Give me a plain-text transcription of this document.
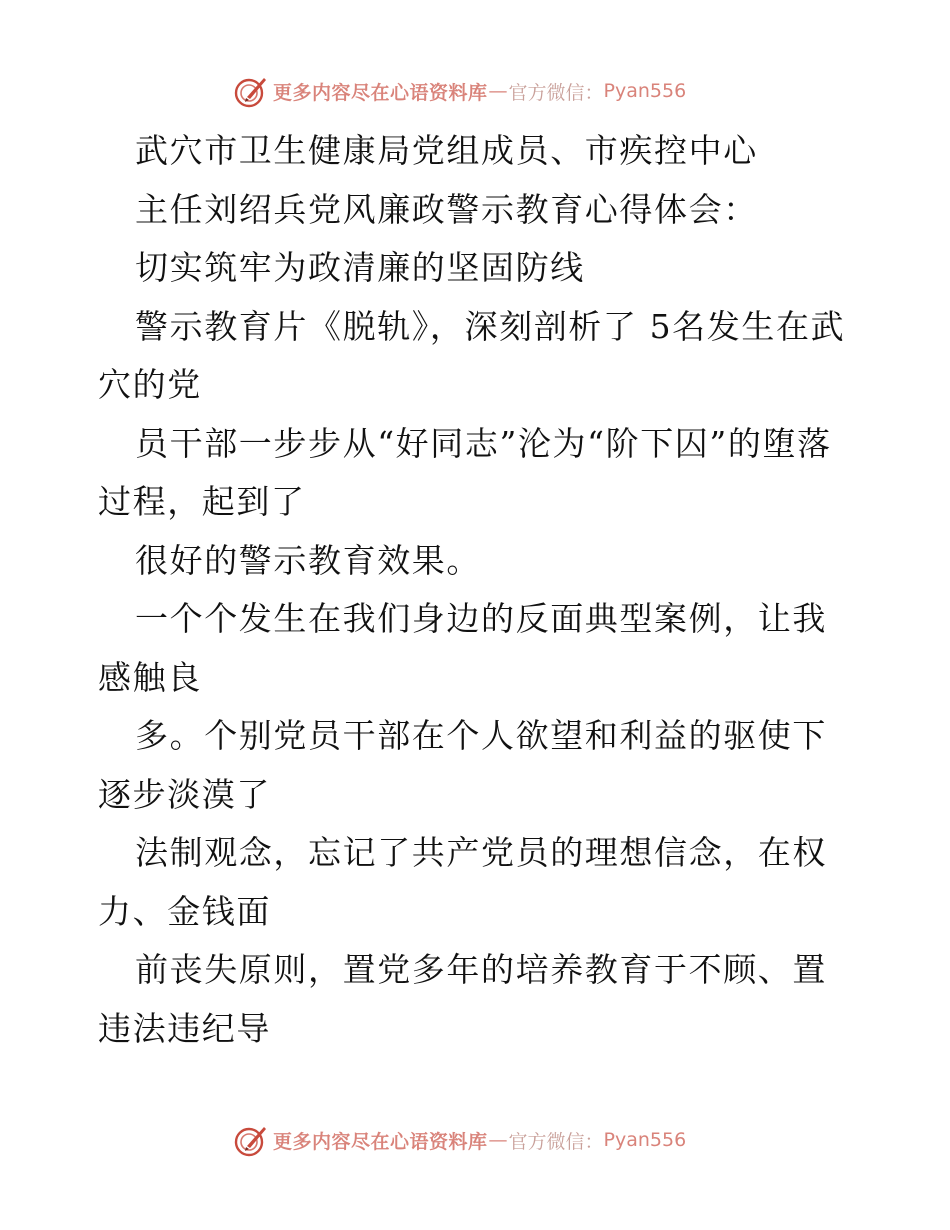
更多内容尽在心语资料库 — 官方微信： Pyan556

武穴市卫生健康局党组成员、市疾控中心

主任刘绍兵党风廉政警示教育心得体会：

切实筑牢为政清廉的坚固防线

警示教育片《脱轨》，深刻剖析了 5名发生在武穴的党

员干部一步步从“好同志”沦为“阶下囚”的堕落过程，起到了

很好的警示教育效果。

一个个发生在我们身边的反面典型案例，让我感触良

多。个别党员干部在个人欲望和利益的驱使下逐步淡漠了

法制观念，忘记了共产党员的理想信念，在权力、金钱面

前丧失原则，置党多年的培养教育于不顾、置违法违纪导

更多内容尽在心语资料库 — 官方微信： Pyan556
